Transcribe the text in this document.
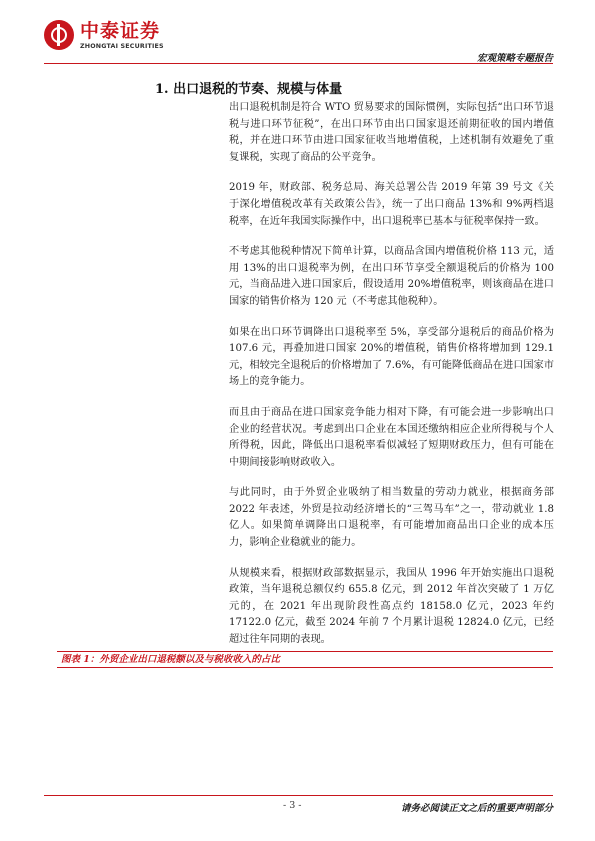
中泰证券
ZHONGTAI SECURITIES
宏观策略专题报告
1. 出口退税的节奏、规模与体量

出口退税机制是符合 WTO 贸易要求的国际惯例，实际包括“出口环节退税与进口环节征税”，在出口环节由出口国家退还前期征收的国内增值税，并在进口环节由进口国家征收当地增值税，上述机制有效避免了重复课税，实现了商品的公平竞争。

2019 年，财政部、税务总局、海关总署公告 2019 年第 39 号文《关于深化增值税改革有关政策公告》，统一了出口商品 13%和 9%两档退税率，在近年我国实际操作中，出口退税率已基本与征税率保持一致。

不考虑其他税种情况下简单计算，以商品含国内增值税价格 113 元，适用 13%的出口退税率为例，在出口环节享受全额退税后的价格为 100 元，当商品进入进口国家后，假设适用 20%增值税率，则该商品在进口国家的销售价格为 120 元（不考虑其他税种）。

如果在出口环节调降出口退税率至 5%，享受部分退税后的商品价格为 107.6 元，再叠加进口国家 20%的增值税，销售价格将增加到 129.1 元，相较完全退税后的价格增加了 7.6%，有可能降低商品在进口国家市场上的竞争能力。

而且由于商品在进口国家竞争能力相对下降，有可能会进一步影响出口企业的经营状况。考虑到出口企业在本国还缴纳相应企业所得税与个人所得税，因此，降低出口退税率看似减轻了短期财政压力，但有可能在中期间接影响财政收入。

与此同时，由于外贸企业吸纳了相当数量的劳动力就业，根据商务部 2022 年表述，外贸是拉动经济增长的“三驾马车”之一，带动就业 1.8 亿人。如果简单调降出口退税率，有可能增加商品出口企业的成本压力，影响企业稳就业的能力。

从规模来看，根据财政部数据显示，我国从 1996 年开始实施出口退税政策，当年退税总额仅约 655.8 亿元，到 2012 年首次突破了 1 万亿元的，在 2021 年出现阶段性高点约 18158.0 亿元，2023 年约 17122.0 亿元，截至 2024 年前 7 个月累计退税 12824.0 亿元，已经超过往年同期的表现。

图表 1：外贸企业出口退税额以及与税收收入的占比
- 3 -	请务必阅读正文之后的重要声明部分
